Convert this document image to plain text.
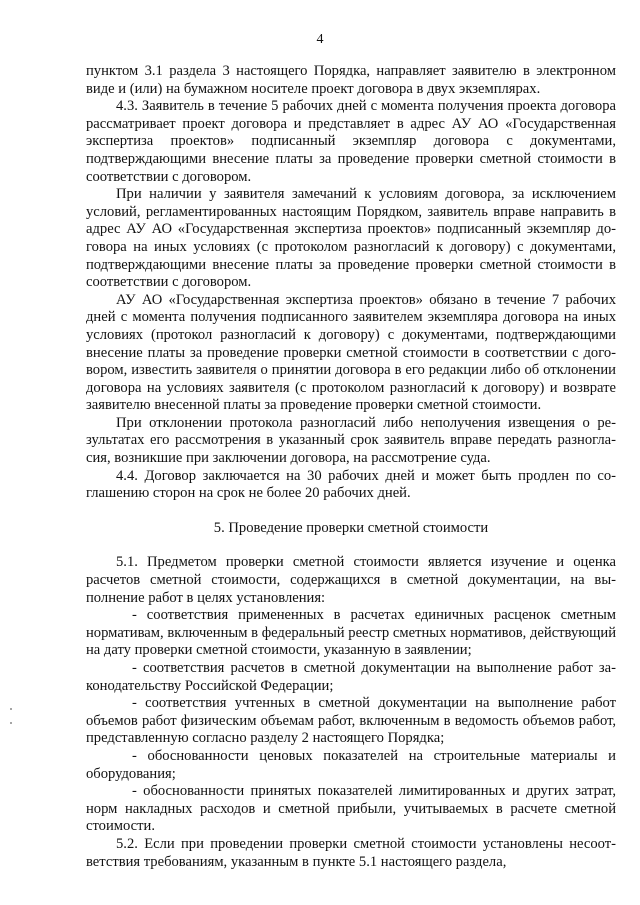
4

пунктом 3.1 раздела 3 настоящего Порядка, направляет заявителю в электронном виде и (или) на бумажном носителе проект договора в двух экземплярах.

4.3. Заявитель в течение 5 рабочих дней с момента получения проекта договора рассматривает проект договора и представляет в адрес АУ АО «Государственная экспертиза проектов» подписанный экземпляр договора с документами, подтверждающими внесение платы за проведение проверки сметной стоимости в соответствии с договором.

При наличии у заявителя замечаний к условиям договора, за исключением условий, регламентированных настоящим Порядком, заявитель вправе направить в адрес АУ АО «Государственная экспертиза проектов» подписанный экземпляр договора на иных условиях (с протоколом разногласий к договору) с документами, подтверждающими внесение платы за проведение проверки сметной стоимости в соответствии с договором.

АУ АО «Государственная экспертиза проектов» обязано в течение 7 рабочих дней с момента получения подписанного заявителем экземпляра договора на иных условиях (протокол разногласий к договору) с документами, подтверждающими внесение платы за проведение проверки сметной стоимости в соответствии с договором, известить заявителя о принятии договора в его редакции либо об отклонении договора на условиях заявителя (с протоколом разногласий к договору) и возврате заявителю внесенной платы за проведение проверки сметной стоимости.

При отклонении протокола разногласий либо неполучения извещения о результатах его рассмотрения в указанный срок заявитель вправе передать разногласия, возникшие при заключении договора, на рассмотрение суда.

4.4. Договор заключается на 30 рабочих дней и может быть продлен по соглашению сторон на срок не более 20 рабочих дней.

5. Проведение проверки сметной стоимости

5.1. Предметом проверки сметной стоимости является изучение и оценка расчетов сметной стоимости, содержащихся в сметной документации, на выполнение работ в целях установления:

- соответствия примененных в расчетах единичных расценок сметным нормативам, включенным в федеральный реестр сметных нормативов, действующий на дату проверки сметной стоимости, указанную в заявлении;

- соответствия расчетов в сметной документации на выполнение работ законодательству Российской Федерации;

- соответствия учтенных в сметной документации на выполнение работ объемов работ физическим объемам работ, включенным в ведомость объемов работ, представленную согласно разделу 2 настоящего Порядка;

- обоснованности ценовых показателей на строительные материалы и оборудования;

- обоснованности принятых показателей лимитированных и других затрат, норм накладных расходов и сметной прибыли, учитываемых в расчете сметной стоимости.

5.2. Если при проведении проверки сметной стоимости установлены несоответствия требованиям, указанным в пункте 5.1 настоящего раздела,
